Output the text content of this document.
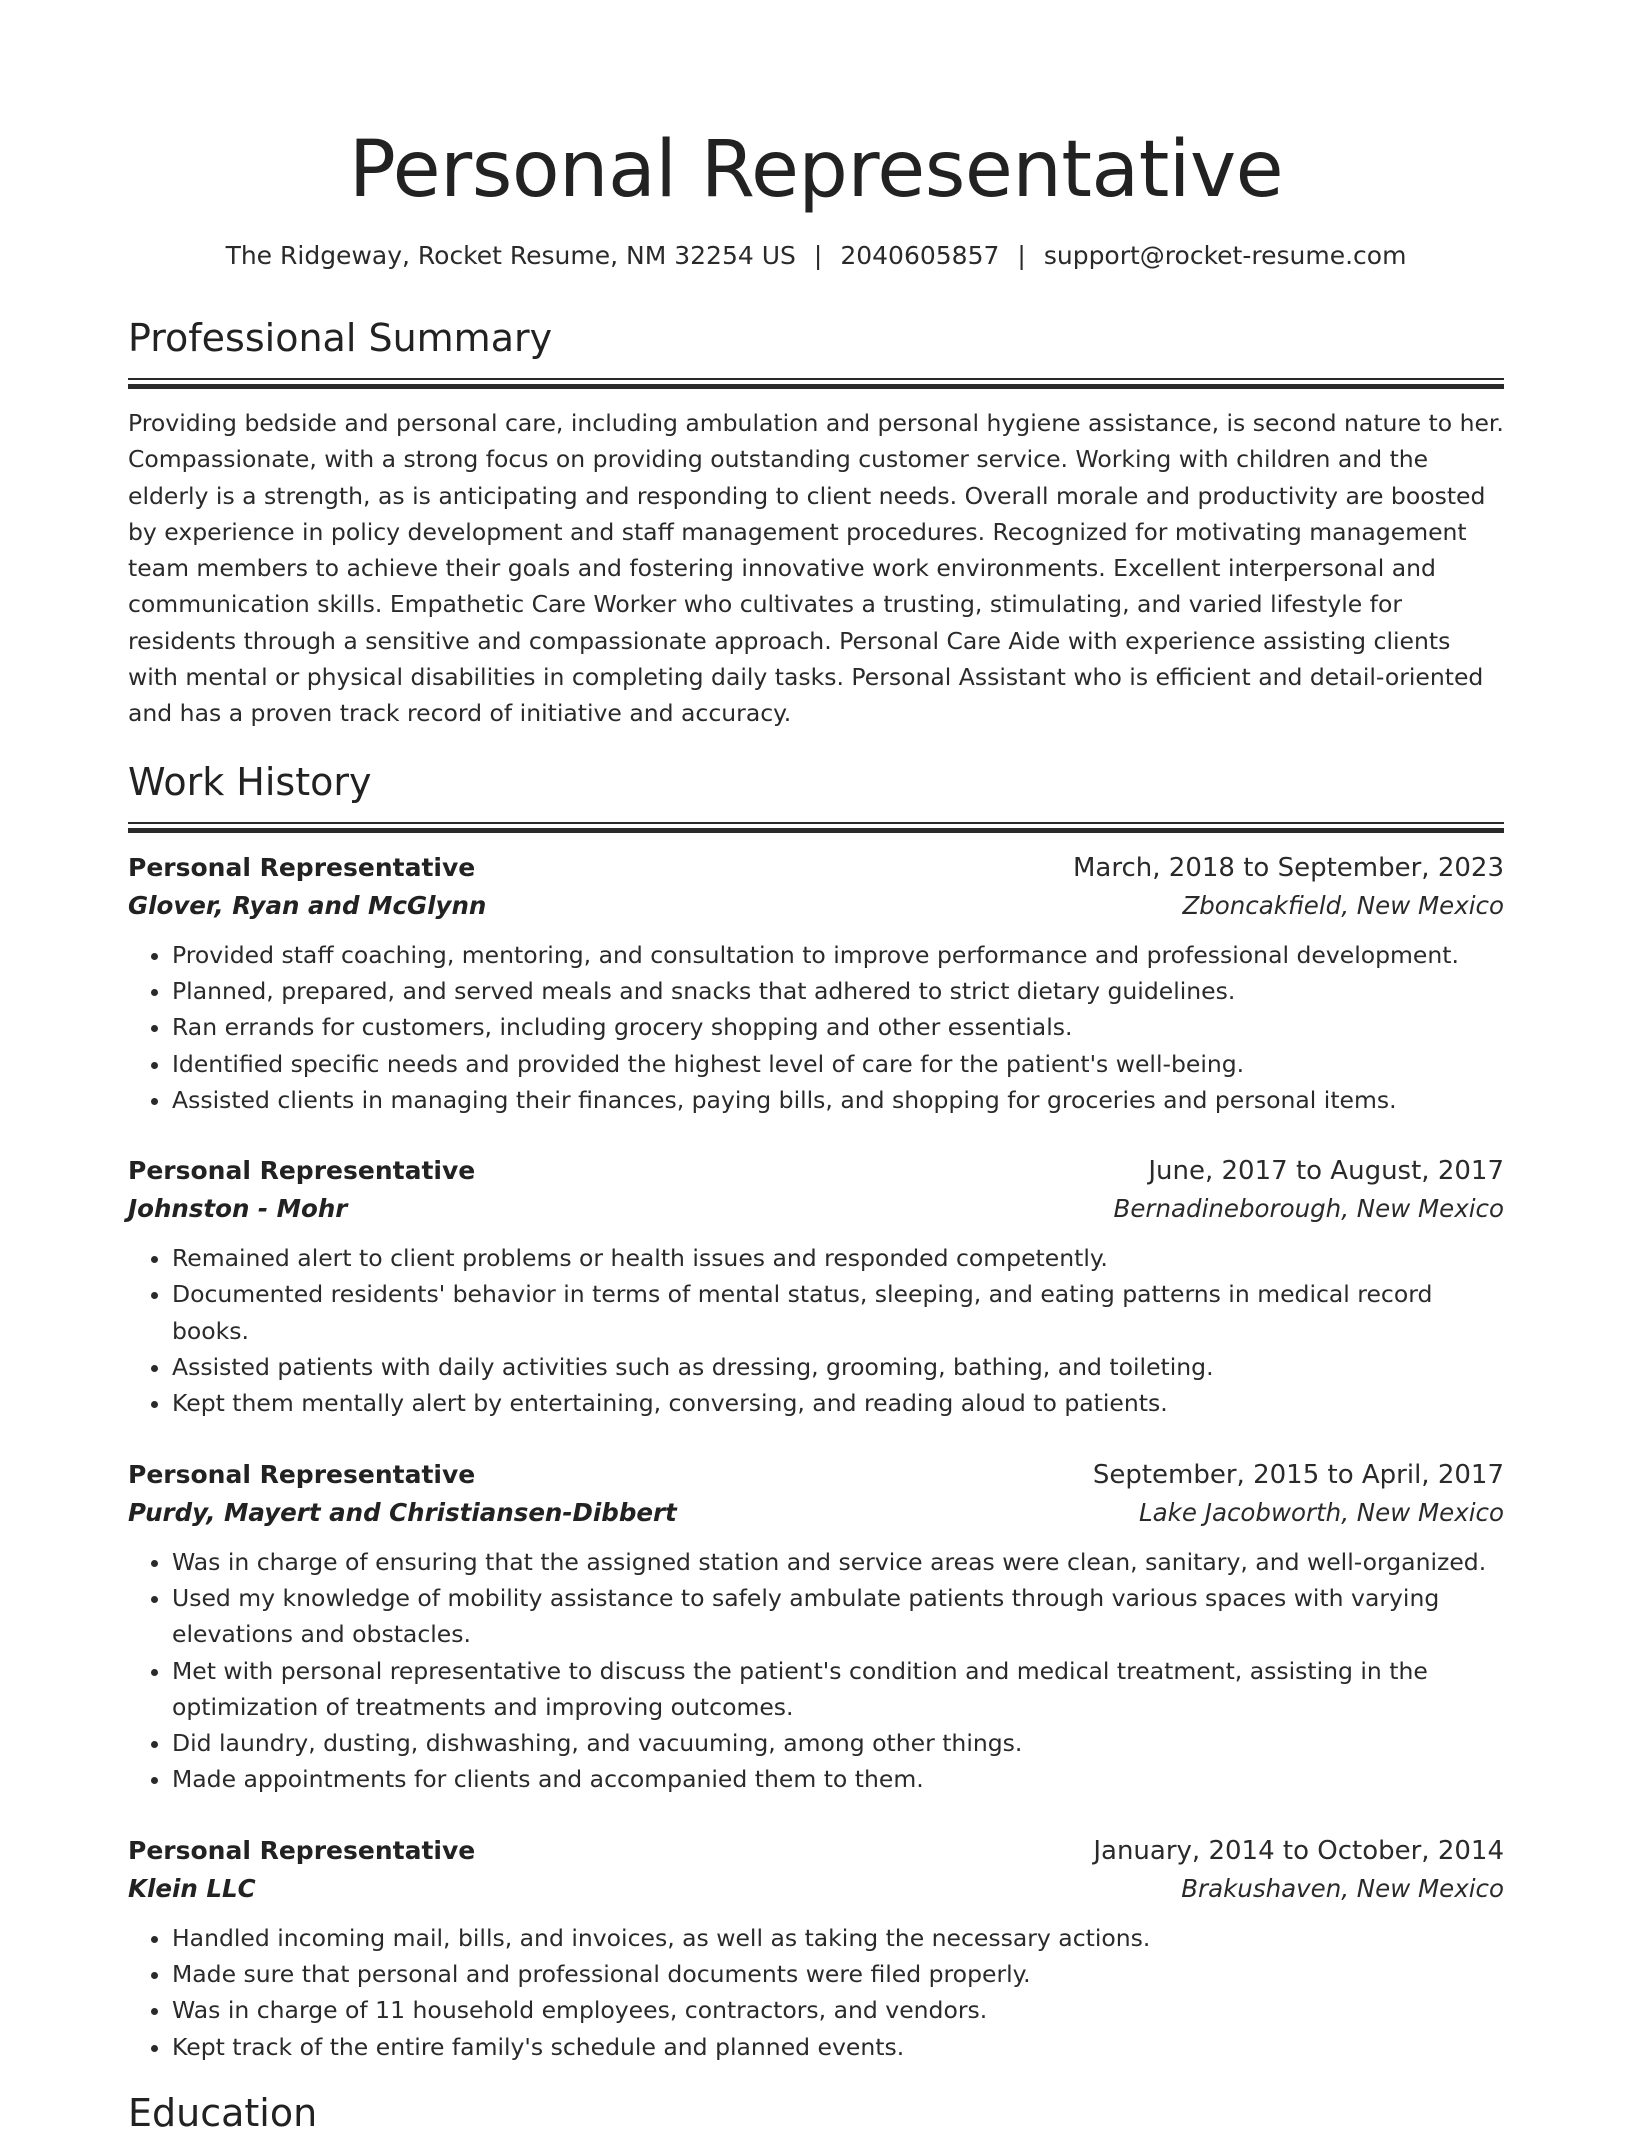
Personal Representative
The Ridgeway, Rocket Resume, NM 32254 US | 2040605857 | support@rocket-resume.com
Professional Summary

Providing bedside and personal care, including ambulation and personal hygiene assistance, is second nature to her. Compassionate, with a strong focus on providing outstanding customer service. Working with children and the elderly is a strength, as is anticipating and responding to client needs. Overall morale and productivity are boosted by experience in policy development and staff management procedures. Recognized for motivating management team members to achieve their goals and fostering innovative work environments. Excellent interpersonal and communication skills. Empathetic Care Worker who cultivates a trusting, stimulating, and varied lifestyle for residents through a sensitive and compassionate approach. Personal Care Aide with experience assisting clients with mental or physical disabilities in completing daily tasks. Personal Assistant who is efficient and detail-oriented and has a proven track record of initiative and accuracy.

Work History
Personal Representative	March, 2018 to September, 2023
Glover, Ryan and McGlynn	Zboncakfield, New Mexico
• Provided staff coaching, mentoring, and consultation to improve performance and professional development.
• Planned, prepared, and served meals and snacks that adhered to strict dietary guidelines.
• Ran errands for customers, including grocery shopping and other essentials.
• Identified specific needs and provided the highest level of care for the patient's well-being.
• Assisted clients in managing their finances, paying bills, and shopping for groceries and personal items.
Personal Representative	June, 2017 to August, 2017
Johnston - Mohr	Bernadineborough, New Mexico
• Remained alert to client problems or health issues and responded competently.
• Documented residents' behavior in terms of mental status, sleeping, and eating patterns in medical record books.
• Assisted patients with daily activities such as dressing, grooming, bathing, and toileting.
• Kept them mentally alert by entertaining, conversing, and reading aloud to patients.
Personal Representative	September, 2015 to April, 2017
Purdy, Mayert and Christiansen-Dibbert	Lake Jacobworth, New Mexico
• Was in charge of ensuring that the assigned station and service areas were clean, sanitary, and well-organized.
• Used my knowledge of mobility assistance to safely ambulate patients through various spaces with varying elevations and obstacles.
• Met with personal representative to discuss the patient's condition and medical treatment, assisting in the optimization of treatments and improving outcomes.
• Did laundry, dusting, dishwashing, and vacuuming, among other things.
• Made appointments for clients and accompanied them to them.
Personal Representative	January, 2014 to October, 2014
Klein LLC	Brakushaven, New Mexico
• Handled incoming mail, bills, and invoices, as well as taking the necessary actions.
• Made sure that personal and professional documents were filed properly.
• Was in charge of 11 household employees, contractors, and vendors.
• Kept track of the entire family's schedule and planned events.
Education
